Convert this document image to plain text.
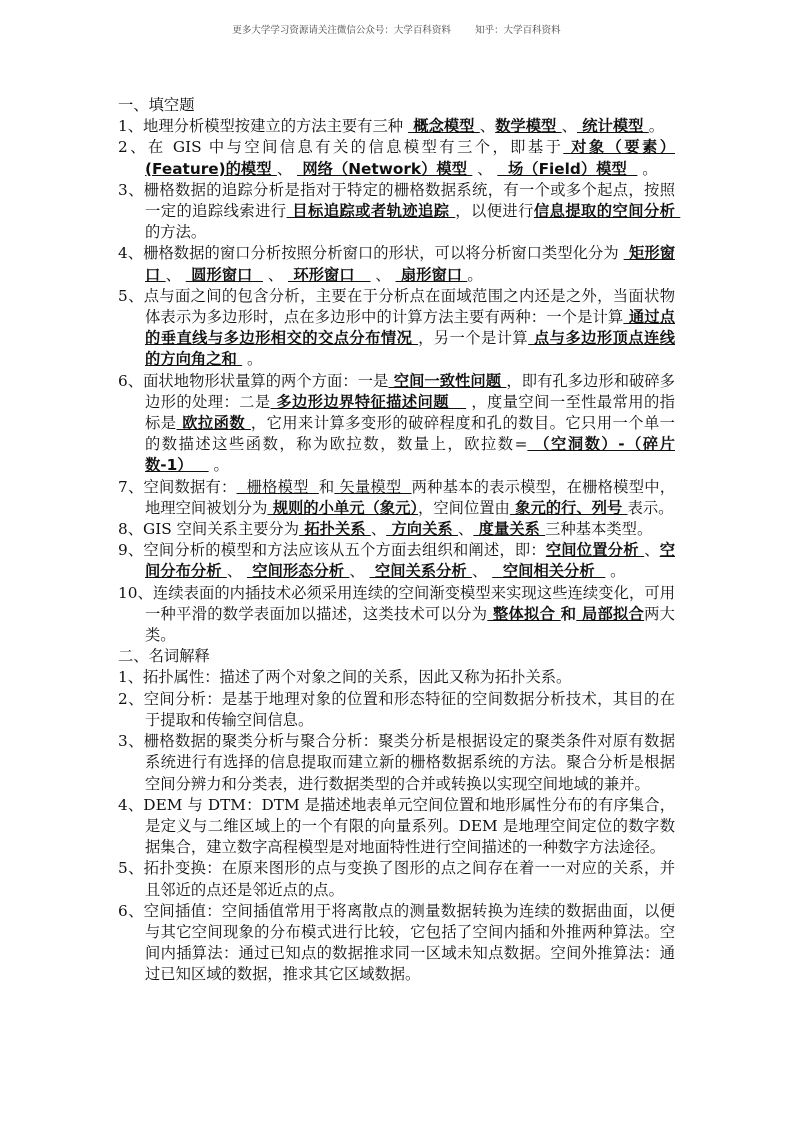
更多大学学习资源请关注微信公众号：大学百科资料        知乎：大学百科资料

一、填空题

1、地理分析模型按建立的方法主要有三种  概念模型 、数学模型 、 统计模型 。

2、在 GIS 中与空间信息有关的信息模型有三个，即基于 对象（要素）(Feature)的模型 、  网络（Network）模型  、   场（Field）模型   。

3、栅格数据的追踪分析是指对于特定的栅格数据系统，有一个或多个起点，按照一定的追踪线索进行 目标追踪或者轨迹追踪 ，以便进行信息提取的空间分析 的方法。

4、栅格数据的窗口分析按照分析窗口的形状，可以将分析窗口类型化分为  矩形窗口 、  圆形窗口   、  环形窗口    、  扇形窗口 。

5、点与面之间的包含分析，主要在于分析点在面域范围之内还是之外，当面状物体表示为多边形时，点在多边形中的计算方法主要有两种：一个是计算 通过点的垂直线与多边形相交的交点分布情况 ，另一个是计算 点与多边形顶点连线的方向角之和  。

6、面状地物形状量算的两个方面：一是 空间一致性问题 ，即有孔多边形和破碎多边形的处理：二是 多边形边界特征描述问题    ，度量空间一至性最常用的指标是 欧拉函数 ，它用来计算多变形的破碎程度和孔的数目。它只用一个单一的数描述这些函数，称为欧拉数，数量上，欧拉数= （空洞数）-（碎片数-1）    。

7、空间数据有：  栅格模型  和 矢量模型  两种基本的表示模型，在栅格模型中，地理空间被划分为 规则的小单元（象元），空间位置由 象元的行、列号 表示。

8、GIS 空间关系主要分为 拓扑关系 、 方向关系 、 度量关系 三种基本类型。

9、空间分析的模型和方法应该从五个方面去组织和阐述，即：空间位置分析 、空间分布分析 、  空间形态分析 、  空间关系分析 、   空间相关分析   。

10、连续表面的内插技术必须采用连续的空间渐变模型来实现这些连续变化，可用一种平滑的数学表面加以描述，这类技术可以分为 整体拟合 和 局部拟合两大类。

二、名词解释

1、拓扑属性：描述了两个对象之间的关系，因此又称为拓扑关系。

2、空间分析：是基于地理对象的位置和形态特征的空间数据分析技术，其目的在于提取和传输空间信息。

3、栅格数据的聚类分析与聚合分析：聚类分析是根据设定的聚类条件对原有数据系统进行有选择的信息提取而建立新的栅格数据系统的方法。聚合分析是根据空间分辨力和分类表，进行数据类型的合并或转换以实现空间地域的兼并。

4、DEM 与 DTM：DTM 是描述地表单元空间位置和地形属性分布的有序集合，是定义与二维区域上的一个有限的向量系列。DEM 是地理空间定位的数字数据集合，建立数字高程模型是对地面特性进行空间描述的一种数字方法途径。

5、拓扑变换：在原来图形的点与变换了图形的点之间存在着一一对应的关系，并且邻近的点还是邻近点的点。

6、空间插值：空间插值常用于将离散点的测量数据转换为连续的数据曲面，以便与其它空间现象的分布模式进行比较，它包括了空间内插和外推两种算法。空间内插算法：通过已知点的数据推求同一区域未知点数据。空间外推算法：通过已知区域的数据，推求其它区域数据。
